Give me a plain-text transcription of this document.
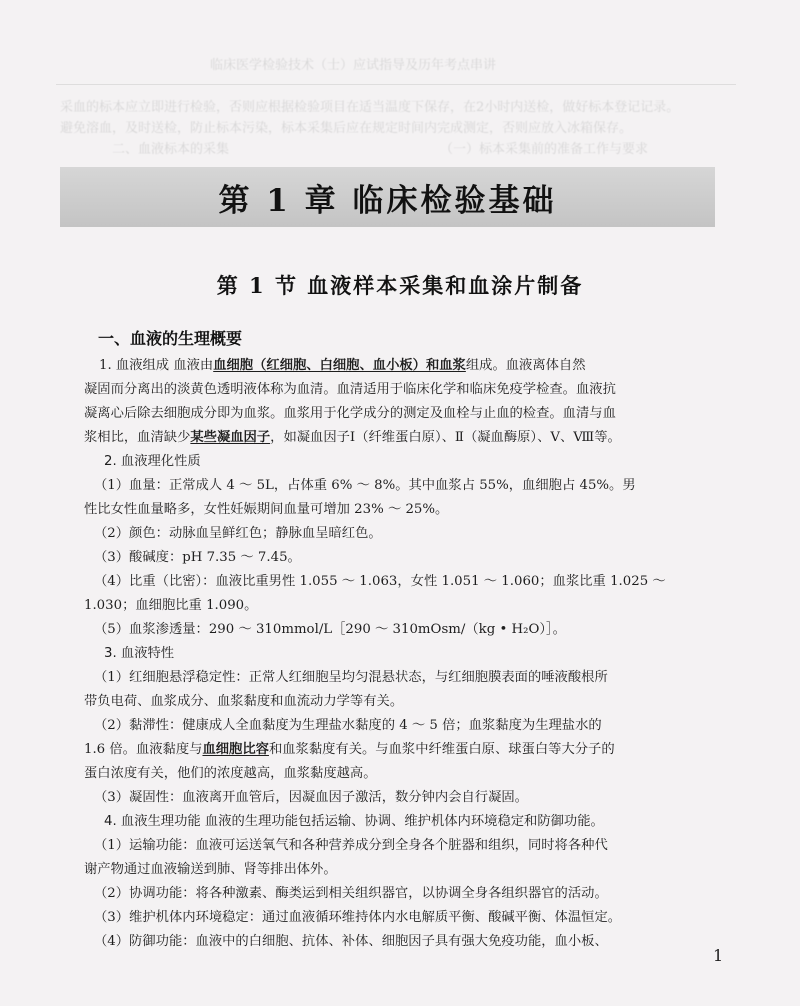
临床医学检验技术（士）应试指导及历年考点串讲
采血的标本应立即进行检验，否则应根据检验项目在适当温度下保存，在2小时内送检，做好标本登记记录。
避免溶血，及时送检，防止标本污染，标本采集后应在规定时间内完成测定，否则应放入冰箱保存。
二、血液标本的采集	（一）标本采集前的准备工作与要求
第 1 章 临床检验基础
第 1 节 血液样本采集和血涂片制备
一、血液的生理概要
1. 血液组成 血液由血细胞（红细胞、白细胞、血小板）和血浆组成。血液离体自然
凝固而分离出的淡黄色透明液体称为血清。血清适用于临床化学和临床免疫学检查。血液抗
凝离心后除去细胞成分即为血浆。血浆用于化学成分的测定及血栓与止血的检查。血清与血
浆相比，血清缺少某些凝血因子，如凝血因子Ⅰ（纤维蛋白原）、Ⅱ（凝血酶原）、Ⅴ、Ⅷ等。
2. 血液理化性质
（1）血量：正常成人 4 ～ 5L，占体重 6% ～ 8%。其中血浆占 55%，血细胞占 45%。男
性比女性血量略多，女性妊娠期间血量可增加 23% ～ 25%。
（2）颜色：动脉血呈鲜红色；静脉血呈暗红色。
（3）酸碱度：pH 7.35 ～ 7.45。
（4）比重（比密）：血液比重男性 1.055 ～ 1.063，女性 1.051 ～ 1.060；血浆比重 1.025 ～
1.030；血细胞比重 1.090。
（5）血浆渗透量：290 ～ 310mmol/L［290 ～ 310mOsm/（kg • H₂O）］。
3. 血液特性
（1）红细胞悬浮稳定性：正常人红细胞呈均匀混悬状态，与红细胞膜表面的唾液酸根所
带负电荷、血浆成分、血浆黏度和血流动力学等有关。
（2）黏滞性：健康成人全血黏度为生理盐水黏度的 4 ～ 5 倍；血浆黏度为生理盐水的
1.6 倍。血液黏度与血细胞比容和血浆黏度有关。与血浆中纤维蛋白原、球蛋白等大分子的
蛋白浓度有关，他们的浓度越高，血浆黏度越高。
（3）凝固性：血液离开血管后，因凝血因子激活，数分钟内会自行凝固。
4. 血液生理功能 血液的生理功能包括运输、协调、维护机体内环境稳定和防御功能。
（1）运输功能：血液可运送氧气和各种营养成分到全身各个脏器和组织，同时将各种代
谢产物通过血液输送到肺、肾等排出体外。
（2）协调功能：将各种激素、酶类运到相关组织器官，以协调全身各组织器官的活动。
（3）维护机体内环境稳定：通过血液循环维持体内水电解质平衡、酸碱平衡、体温恒定。
（4）防御功能：血液中的白细胞、抗体、补体、细胞因子具有强大免疫功能，血小板、
1
